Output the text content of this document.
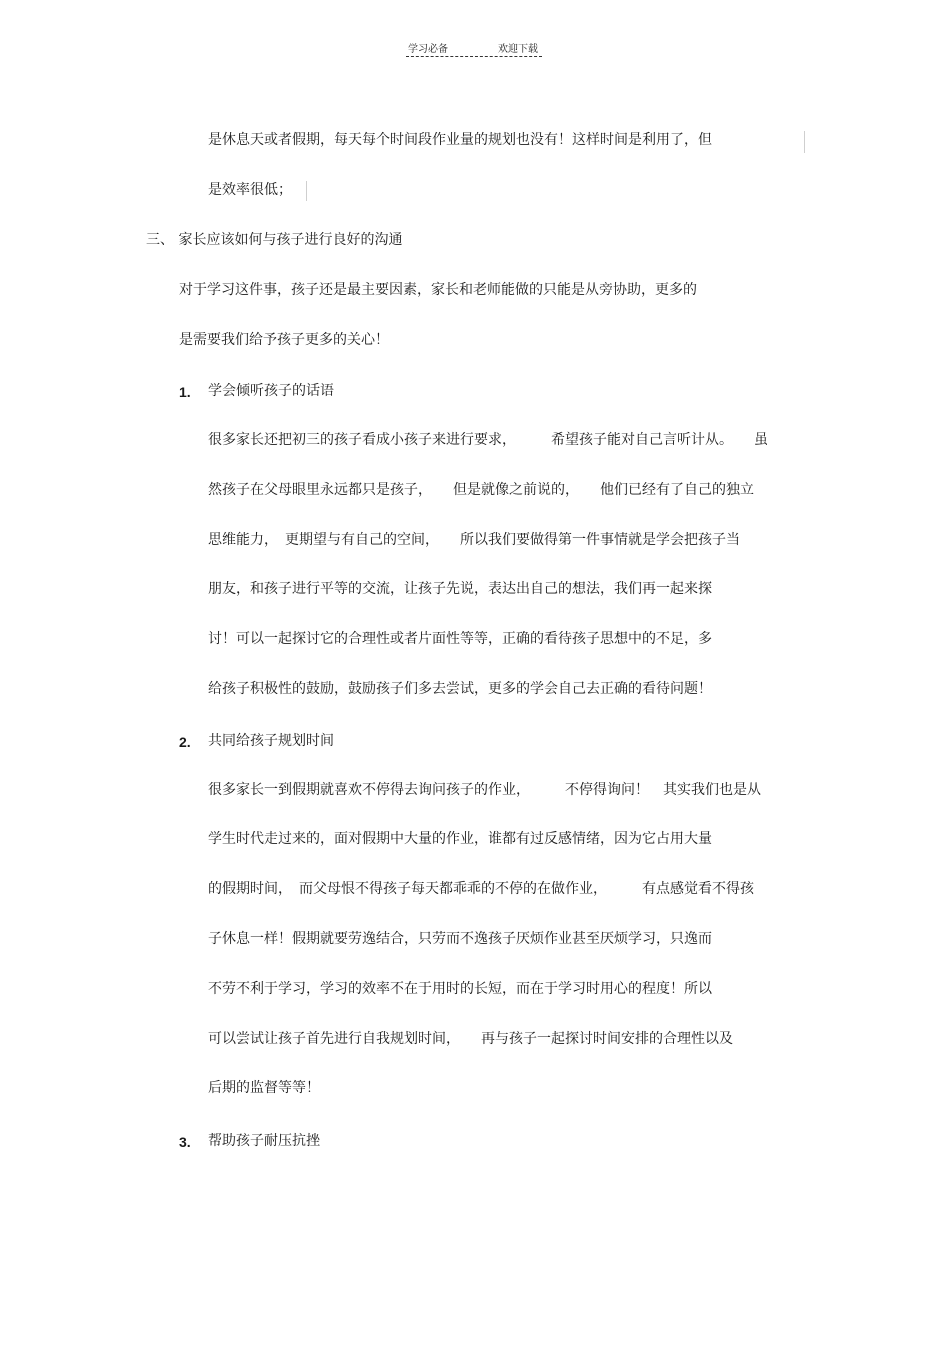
学习必备	欢迎下载
是休息天或者假期，每天每个时间段作业量的规划也没有！这样时间是利用了，但
是效率很低；
三、 家长应该如何与孩子进行良好的沟通
对于学习这件事，孩子还是最主要因素，家长和老师能做的只能是从旁协助，更多的
是需要我们给予孩子更多的关心！
1. 学会倾听孩子的话语
很多家长还把初三的孩子看成小孩子来进行要求，　　　希望孩子能对自己言听计从。　　虽
然孩子在父母眼里永远都只是孩子，　　但是就像之前说的，　　他们已经有了自己的独立
思维能力，　更期望与有自己的空间，　　所以我们要做得第一件事情就是学会把孩子当
朋友，和孩子进行平等的交流，让孩子先说，表达出自己的想法，我们再一起来探
讨！可以一起探讨它的合理性或者片面性等等，正确的看待孩子思想中的不足，多
给孩子积极性的鼓励，鼓励孩子们多去尝试，更多的学会自己去正确的看待问题！
2. 共同给孩子规划时间
很多家长一到假期就喜欢不停得去询问孩子的作业，　　　不停得询问！　其实我们也是从
学生时代走过来的，面对假期中大量的作业，谁都有过反感情绪，因为它占用大量
的假期时间，　而父母恨不得孩子每天都乖乖的不停的在做作业，　　　有点感觉看不得孩
子休息一样！假期就要劳逸结合，只劳而不逸孩子厌烦作业甚至厌烦学习，只逸而
不劳不利于学习，学习的效率不在于用时的长短，而在于学习时用心的程度！所以
可以尝试让孩子首先进行自我规划时间，　　再与孩子一起探讨时间安排的合理性以及
后期的监督等等！
3. 帮助孩子耐压抗挫
